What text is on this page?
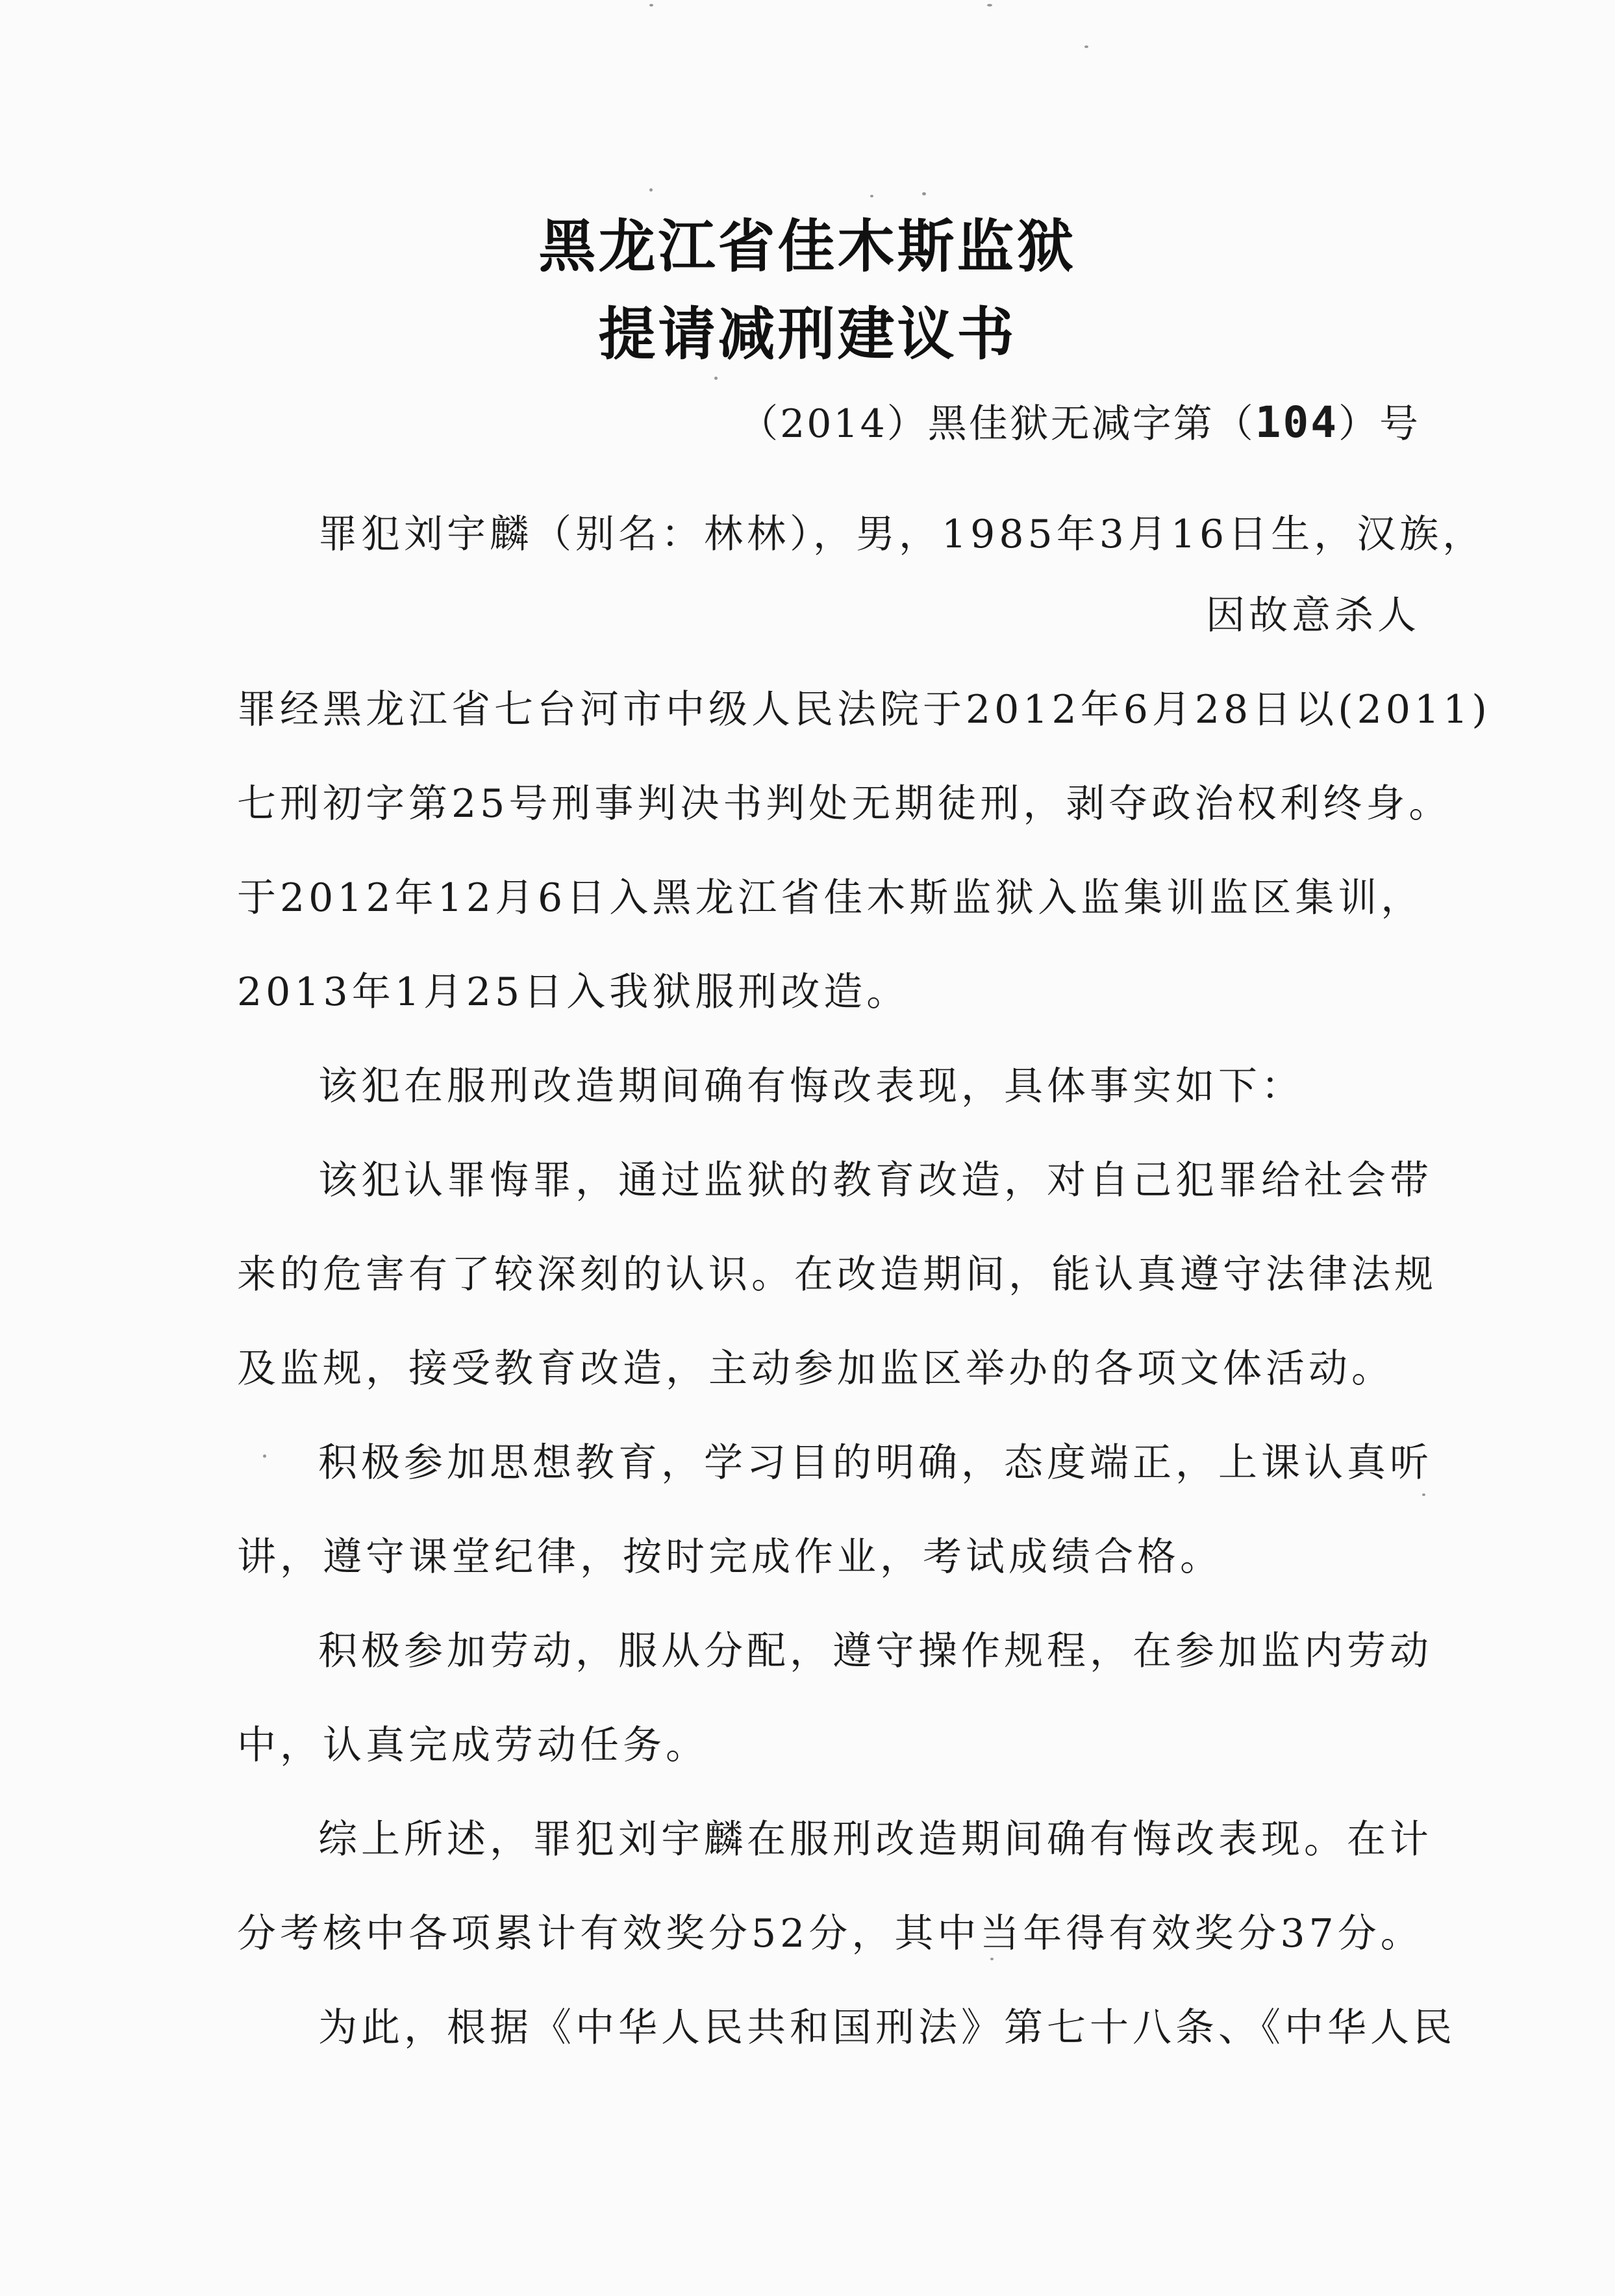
黑龙江省佳木斯监狱
提请减刑建议书
（2014）黑佳狱无减字第（104）号
罪犯刘宇麟（别名：林林），男，1985年3月16日生，汉族，
因故意杀人
罪经黑龙江省七台河市中级人民法院于2012年6月28日以(2011)
七刑初字第25号刑事判决书判处无期徒刑，剥夺政治权利终身。
于2012年12月6日入黑龙江省佳木斯监狱入监集训监区集训，
2013年1月25日入我狱服刑改造。
该犯在服刑改造期间确有悔改表现，具体事实如下：
该犯认罪悔罪，通过监狱的教育改造，对自己犯罪给社会带
来的危害有了较深刻的认识。在改造期间，能认真遵守法律法规
及监规，接受教育改造，主动参加监区举办的各项文体活动。
积极参加思想教育，学习目的明确，态度端正，上课认真听
讲，遵守课堂纪律，按时完成作业，考试成绩合格。
积极参加劳动，服从分配，遵守操作规程，在参加监内劳动
中，认真完成劳动任务。
综上所述，罪犯刘宇麟在服刑改造期间确有悔改表现。在计
分考核中各项累计有效奖分52分，其中当年得有效奖分37分。
为此，根据《中华人民共和国刑法》第七十八条、《中华人民
